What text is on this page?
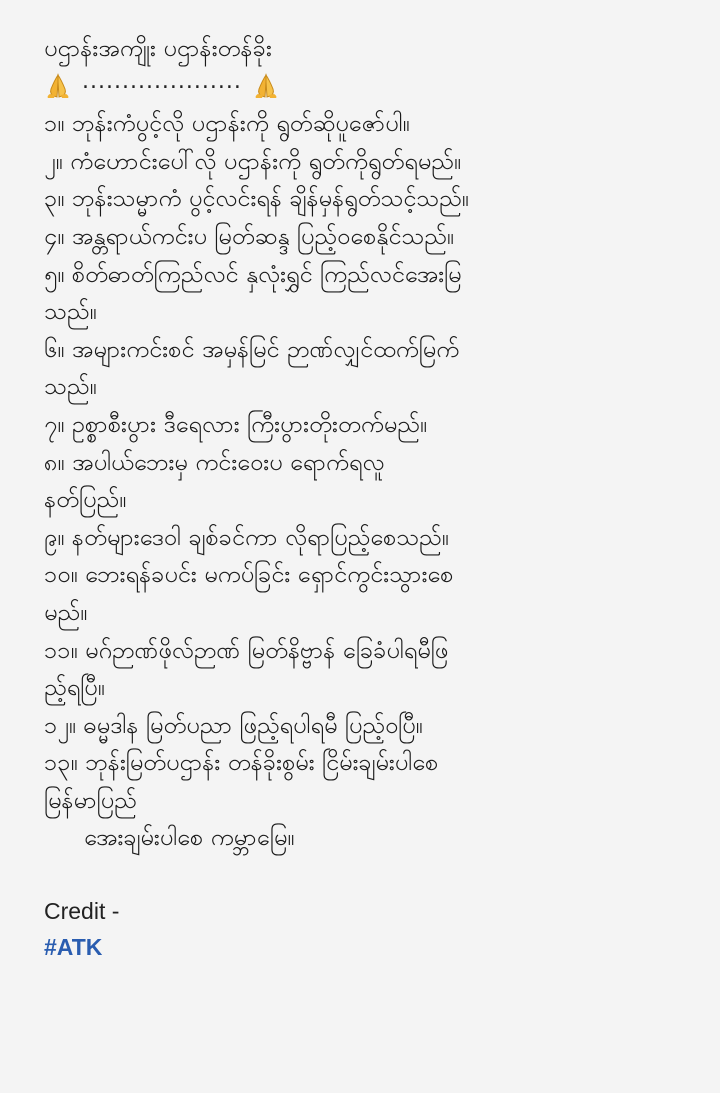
ပဌာန်းအကျိုး ပဌာန်းတန်ခိုး
....................
၁။ ဘုန်းကံပွင့်လို ပဌာန်းကို ရွတ်ဆိုပူဇော်ပါ။
၂။ ကံဟောင်းပေါ်လို ပဌာန်းကို ရွတ်ကိုရွတ်ရမည်။
၃။ ဘုန်းသမ္မာကံ ပွင့်လင်းရန် ချိန်မှန်ရွတ်သင့်သည်။
၄။ အန္တရာယ်ကင်းပ မြတ်ဆန္ဒ ပြည့်ဝစေနိုင်သည်။
၅။ စိတ်ဓာတ်ကြည်လင် နှလုံးရွှင် ကြည်လင်အေးမြ
သည်။
၆။ အများကင်းစင် အမှန်မြင် ဉာဏ်လျှင်ထက်မြက်
သည်။
၇။ ဥစ္စာစီးပွား ဒီရေလား ကြီးပွားတိုးတက်မည်။
၈။ အပါယ်ဘေးမှ ကင်းဝေးပ ရောက်ရလူ
နတ်ပြည်။
၉။ နတ်များဒေဝါ ချစ်ခင်ကာ လိုရာပြည့်စေသည်။
၁၀။ ဘေးရန်ခပင်း မကပ်ခြင်း ရှောင်ကွင်းသွားစေ
မည်။
၁၁။ မဂ်ဉာဏ်ဖိုလ်ဉာဏ် မြတ်နိဗ္ဗာန် ခြေခံပါရမီဖြ
ည့်ရပြီ။
၁၂။ ဓမ္မဒါန မြတ်ပညာ ဖြည့်ရပါရမီ ပြည့်ဝပြီ။
၁၃။ ဘုန်းမြတ်ပဌာန်း တန်ခိုးစွမ်း ငြိမ်းချမ်းပါစေ
မြန်မာပြည်
အေးချမ်းပါစေ ကမ္ဘာမြေ။
Credit -
#ATK
